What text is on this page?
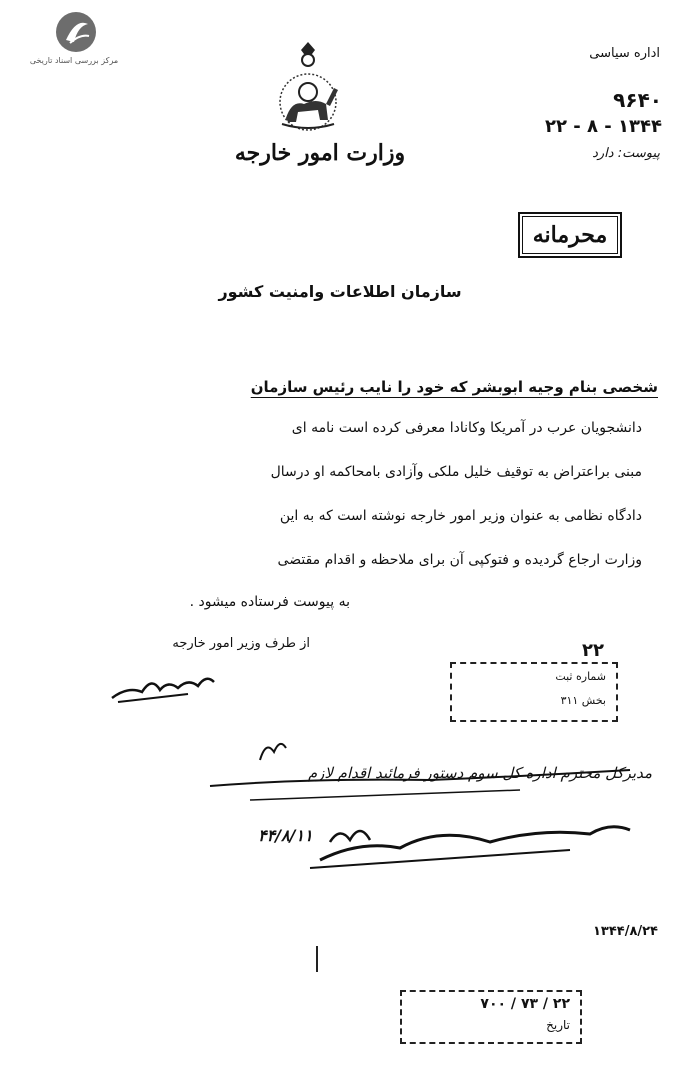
مرکز بررسی اسناد تاریخی
وزارت امور خارجه
اداره سیاسی
۹۶۴۰
۱۳۴۴ - ۸ - ۲۲
پیوست: دارد
محرمانه
سازمان اطلاعات وامنیت کشور
شخصی بنام وجیه ابوبشر که خود را نایب رئیس سازمان
دانشجویان عرب در آمریکا وکانادا معرفی کرده است نامه ای
مبنی براعتراض به توقیف خلیل ملکی وآزادی بامحاکمه او درسال
دادگاه نظامی به عنوان وزیر امور خارجه نوشته است که به این
وزارت ارجاع گردیده و فتوکپی آن برای ملاحظه و اقدام مقتضی
به پیوست فرستاده میشود .
از طرف وزیر امور خارجه	۲۲
شماره ثبت
بخش ۳۱۱
مدیرکل محترم اداره کل سوم دستور فرمائید اقدام لازم
۴۴/۸/۱۱
۱۳۴۴/۸/۲۴
۲۲ / ۷۳ / ۷۰۰
تاریخ
